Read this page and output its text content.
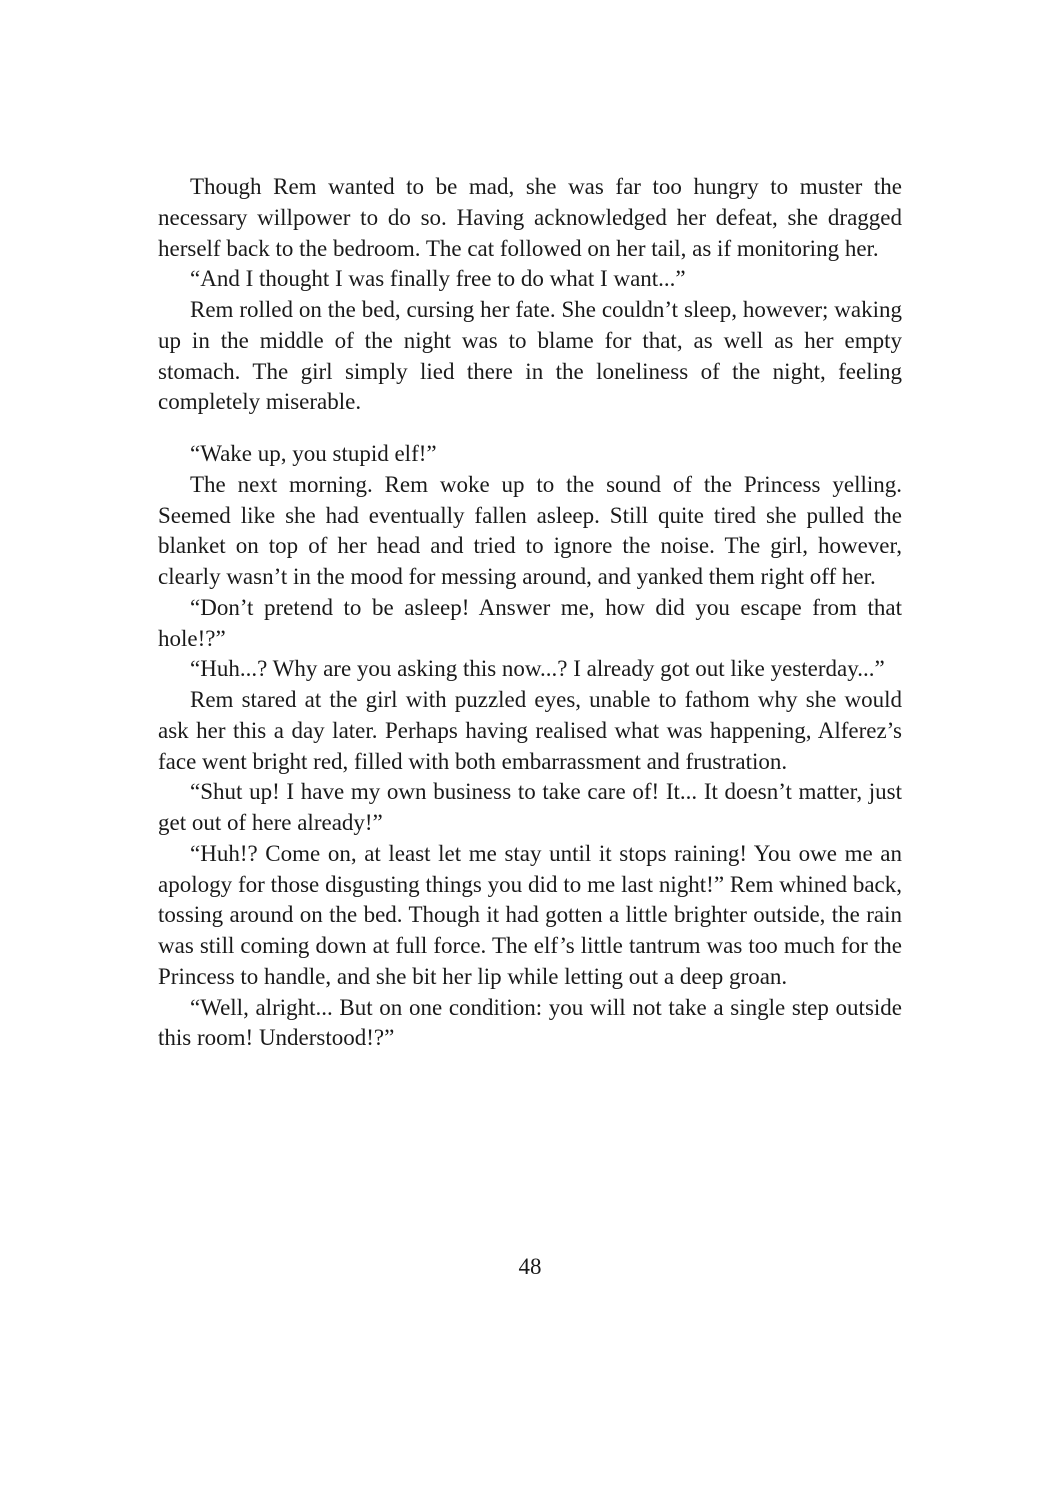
Though Rem wanted to be mad, she was far too hungry to muster the necessary willpower to do so. Having acknowledged her defeat, she dragged herself back to the bedroom. The cat followed on her tail, as if monitoring her.

“And I thought I was finally free to do what I want...”

Rem rolled on the bed, cursing her fate. She couldn’t sleep, however; waking up in the middle of the night was to blame for that, as well as her empty stomach. The girl simply lied there in the loneliness of the night, feeling completely miserable.

“Wake up, you stupid elf!”

The next morning. Rem woke up to the sound of the Princess yelling. Seemed like she had eventually fallen asleep. Still quite tired she pulled the blanket on top of her head and tried to ignore the noise. The girl, however, clearly wasn’t in the mood for messing around, and yanked them right off her.

“Don’t pretend to be asleep! Answer me, how did you escape from that hole!?”

“Huh...? Why are you asking this now...? I already got out like yesterday...”

Rem stared at the girl with puzzled eyes, unable to fathom why she would ask her this a day later. Perhaps having realised what was happening, Alferez’s face went bright red, filled with both embarrassment and frustration.

“Shut up! I have my own business to take care of! It... It doesn’t matter, just get out of here already!”

“Huh!? Come on, at least let me stay until it stops raining! You owe me an apology for those disgusting things you did to me last night!” Rem whined back, tossing around on the bed. Though it had gotten a little brighter outside, the rain was still coming down at full force. The elf’s little tantrum was too much for the Princess to handle, and she bit her lip while letting out a deep groan.

“Well, alright... But on one condition: you will not take a single step outside this room! Understood!?”

48
